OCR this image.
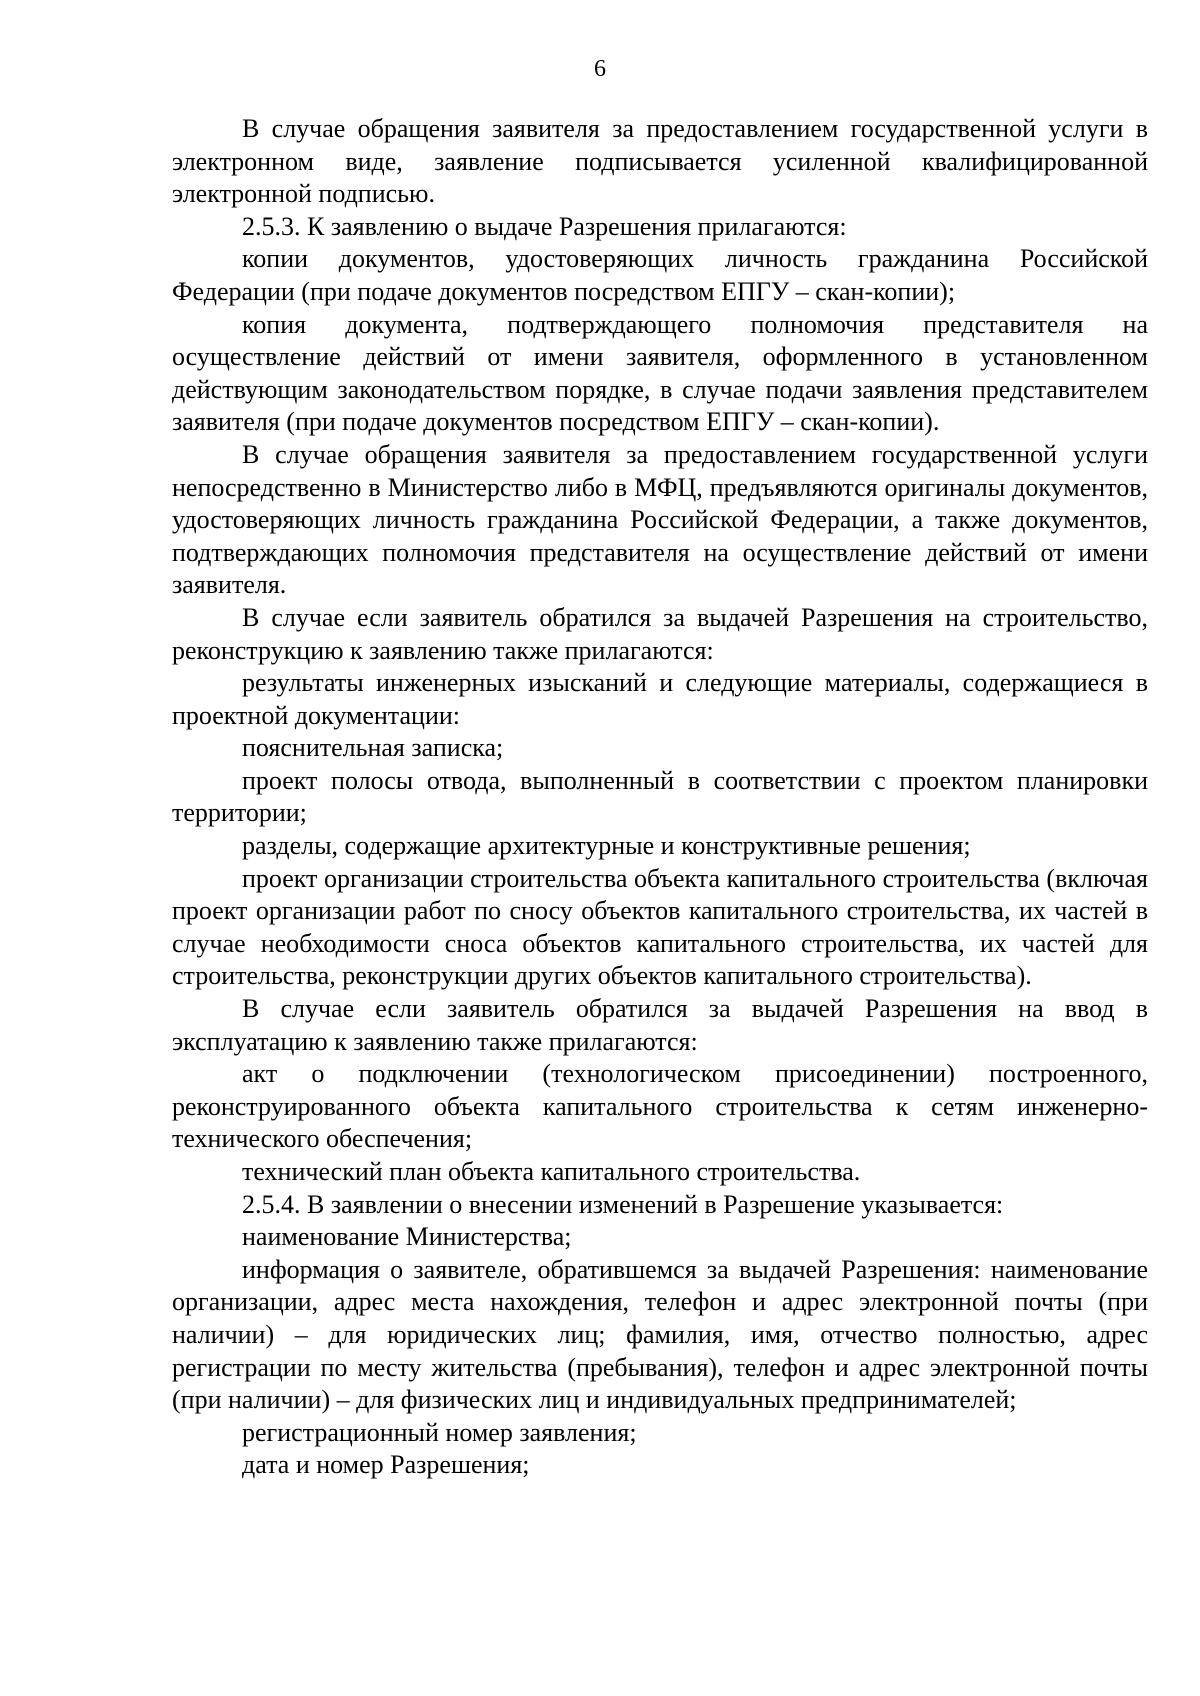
6

В случае обращения заявителя за предоставлением государственной услуги в электронном виде, заявление подписывается усиленной квалифицированной электронной подписью.

2.5.3. К заявлению о выдаче Разрешения прилагаются:

копии документов, удостоверяющих личность гражданина Российской Федерации (при подаче документов посредством ЕПГУ – скан-копии);

копия документа, подтверждающего полномочия представителя на осуществление действий от имени заявителя, оформленного в установленном действующим законодательством порядке, в случае подачи заявления представителем заявителя (при подаче документов посредством ЕПГУ – скан-копии).

В случае обращения заявителя за предоставлением государственной услуги непосредственно в Министерство либо в МФЦ, предъявляются оригиналы документов, удостоверяющих личность гражданина Российской Федерации, а также документов, подтверждающих полномочия представителя на осуществление действий от имени заявителя.

В случае если заявитель обратился за выдачей Разрешения на строительство, реконструкцию к заявлению также прилагаются:

результаты инженерных изысканий и следующие материалы, содержащиеся в проектной документации:

пояснительная записка;

проект полосы отвода, выполненный в соответствии с проектом планировки территории;

разделы, содержащие архитектурные и конструктивные решения;

проект организации строительства объекта капитального строительства (включая проект организации работ по сносу объектов капитального строительства, их частей в случае необходимости сноса объектов капитального строительства, их частей для строительства, реконструкции других объектов капитального строительства).

В случае если заявитель обратился за выдачей Разрешения на ввод в эксплуатацию к заявлению также прилагаются:

акт о подключении (технологическом присоединении) построенного, реконструированного объекта капитального строительства к сетям инженерно-технического обеспечения;

технический план объекта капитального строительства.

2.5.4. В заявлении о внесении изменений в Разрешение указывается:

наименование Министерства;

информация о заявителе, обратившемся за выдачей Разрешения: наименование организации, адрес места нахождения, телефон и адрес электронной почты (при наличии) – для юридических лиц; фамилия, имя, отчество полностью, адрес регистрации по месту жительства (пребывания), телефон и адрес электронной почты (при наличии) – для физических лиц и индивидуальных предпринимателей;

регистрационный номер заявления;

дата и номер Разрешения;
